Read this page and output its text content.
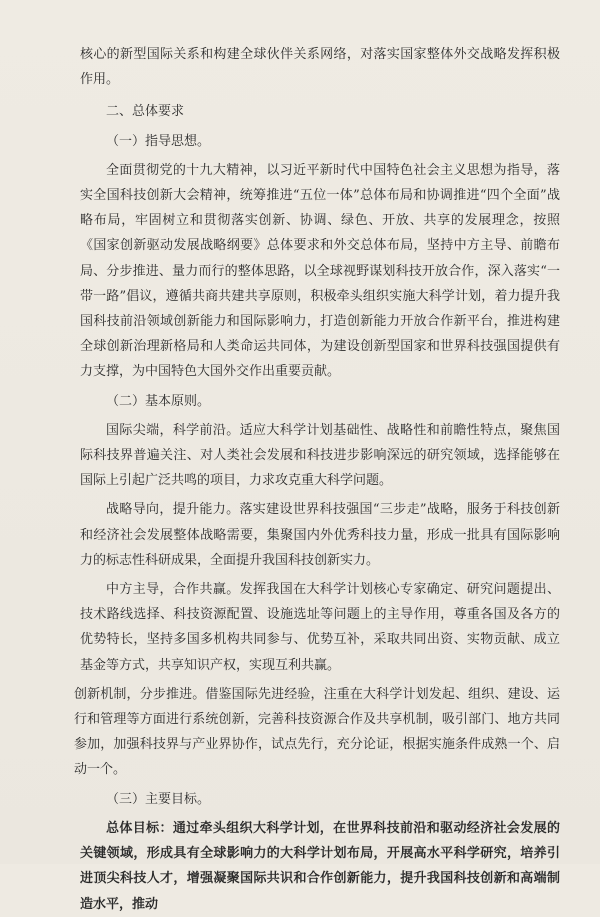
核心的新型国际关系和构建全球伙伴关系网络，对落实国家整体外交战略发挥积极作用。

二、总体要求

（一）指导思想。

全面贯彻党的十九大精神，以习近平新时代中国特色社会主义思想为指导，落实全国科技创新大会精神，统筹推进“五位一体”总体布局和协调推进“四个全面”战略布局，牢固树立和贯彻落实创新、协调、绿色、开放、共享的发展理念，按照《国家创新驱动发展战略纲要》总体要求和外交总体布局，坚持中方主导、前瞻布局、分步推进、量力而行的整体思路，以全球视野谋划科技开放合作，深入落实“一带一路”倡议，遵循共商共建共享原则，积极牵头组织实施大科学计划，着力提升我国科技前沿领域创新能力和国际影响力，打造创新能力开放合作新平台，推进构建全球创新治理新格局和人类命运共同体，为建设创新型国家和世界科技强国提供有力支撑，为中国特色大国外交作出重要贡献。

（二）基本原则。

国际尖端，科学前沿。适应大科学计划基础性、战略性和前瞻性特点，聚焦国际科技界普遍关注、对人类社会发展和科技进步影响深远的研究领域，选择能够在国际上引起广泛共鸣的项目，力求攻克重大科学问题。

战略导向，提升能力。落实建设世界科技强国“三步走”战略，服务于科技创新和经济社会发展整体战略需要，集聚国内外优秀科技力量，形成一批具有国际影响力的标志性科研成果，全面提升我国科技创新实力。

中方主导，合作共赢。发挥我国在大科学计划核心专家确定、研究问题提出、技术路线选择、科技资源配置、设施选址等问题上的主导作用，尊重各国及各方的优势特长，坚持多国多机构共同参与、优势互补，采取共同出资、实物贡献、成立基金等方式，共享知识产权，实现互利共赢。

创新机制，分步推进。借鉴国际先进经验，注重在大科学计划发起、组织、建设、运行和管理等方面进行系统创新，完善科技资源合作及共享机制，吸引部门、地方共同参加，加强科技界与产业界协作，试点先行，充分论证，根据实施条件成熟一个、启动一个。

（三）主要目标。

总体目标：通过牵头组织大科学计划，在世界科技前沿和驱动经济社会发展的关键领域，形成具有全球影响力的大科学计划布局，开展高水平科学研究，培养引进顶尖科技人才，增强凝聚国际共识和合作创新能力，提升我国科技创新和高端制造水平，推动
